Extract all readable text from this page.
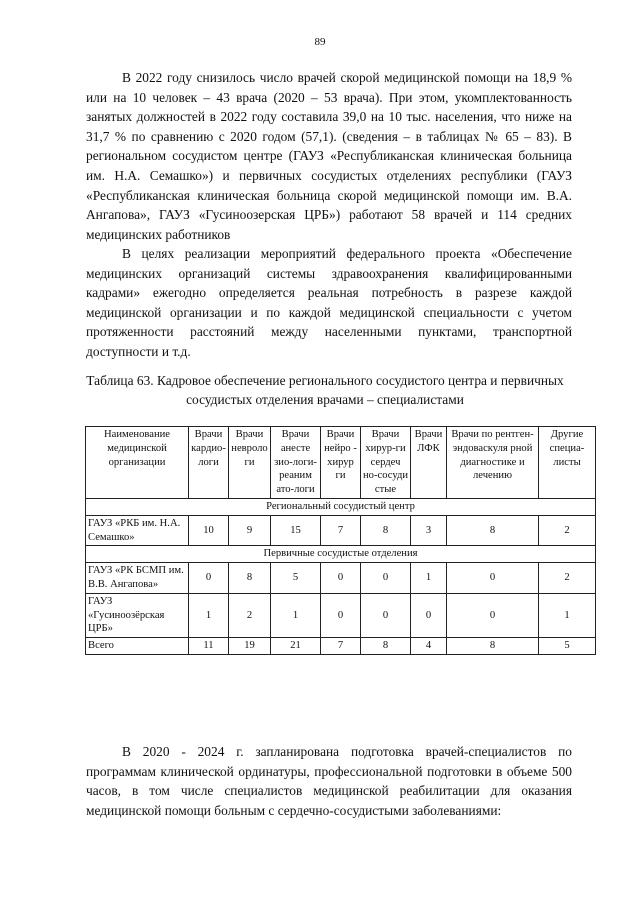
89

В 2022 году снизилось число врачей скорой медицинской помощи на 18,9 % или на 10 человек – 43 врача (2020 – 53 врача). При этом, укомплектованность занятых должностей в 2022 году составила 39,0 на 10 тыс. населения, что ниже на 31,7 % по сравнению с 2020 годом (57,1). (сведения – в таблицах № 65 – 83). В региональном сосудистом центре (ГАУЗ «Республиканская клиническая больница им. Н.А. Семашко») и первичных сосудистых отделениях республики (ГАУЗ «Республиканская клиническая больница скорой медицинской помощи им. В.А. Ангапова», ГАУЗ «Гусиноозерская ЦРБ») работают 58 врачей и 114 средних медицинских работников

В целях реализации мероприятий федерального проекта «Обеспечение медицинских организаций системы здравоохранения квалифицированными кадрами» ежегодно определяется реальная потребность в разрезе каждой медицинской организации и по каждой медицинской специальности с учетом протяженности расстояний между населенными пунктами, транспортной доступности и т.д.

Таблица 63. Кадровое обеспечение регионального сосудистого центра и первичных сосудистых отделения врачами – специалистами
Наименование медицинской организации	Врачи кардио-логи	Врачи невроло ги	Врачи анесте зио-логи-реаним ато-логи	Врачи нейро - хирур ги	Врачи хирур-ги сердеч но-сосуди стые	Врачи ЛФК	Врачи по рентген-эндоваскуля рной диагностике и лечению	Другие специа-листы
Региональный сосудистый центр								
ГАУЗ «РКБ им. Н.А. Семашко»	10	9	15	7	8	3	8	2
Первичные сосудистые отделения								
ГАУЗ «РК БСМП им. В.В. Ангапова»	0	8	5	0	0	1	0	2
ГАУЗ «Гусиноозёрская ЦРБ»	1	2	1	0	0	0	0	1
Всего	11	19	21	7	8	4	8	5

В 2020 - 2024 г. запланирована подготовка врачей-специалистов по программам клинической ординатуры, профессиональной подготовки в объеме 500 часов, в том числе специалистов медицинской реабилитации для оказания медицинской помощи больным с сердечно-сосудистыми заболеваниями:
